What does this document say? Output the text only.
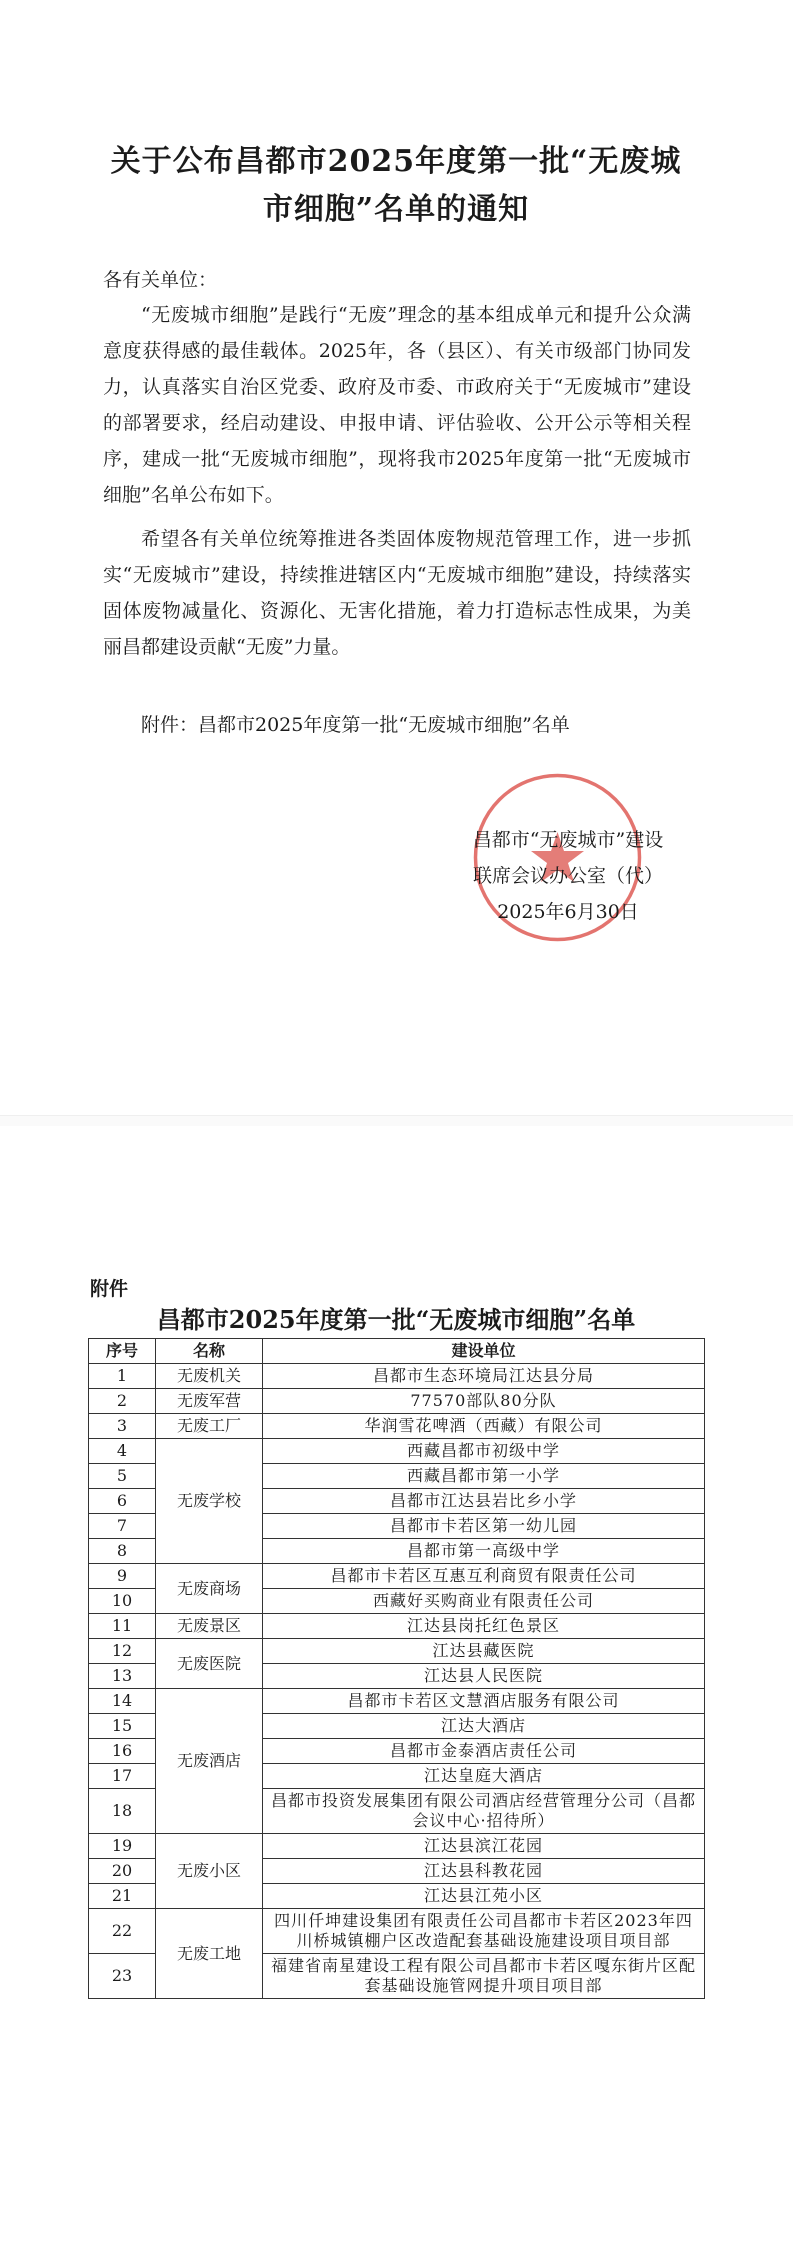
关于公布昌都市2025年度第一批“无废城市细胞”名单的通知
各有关单位：

“无废城市细胞”是践行“无废”理念的基本组成单元和提升公众满意度获得感的最佳载体。2025年，各（县区）、有关市级部门协同发力，认真落实自治区党委、政府及市委、市政府关于“无废城市”建设的部署要求，经启动建设、申报申请、评估验收、公开公示等相关程序，建成一批“无废城市细胞”，现将我市2025年度第一批“无废城市细胞”名单公布如下。

希望各有关单位统筹推进各类固体废物规范管理工作，进一步抓实“无废城市”建设，持续推进辖区内“无废城市细胞”建设，持续落实固体废物减量化、资源化、无害化措施，着力打造标志性成果，为美丽昌都建设贡献“无废”力量。

附件：昌都市2025年度第一批“无废城市细胞”名单
昌都市“无废城市”建设
联席会议办公室（代）
2025年6月30日
附件
昌都市2025年度第一批“无废城市细胞”名单
序号	名称	建设单位
1	无废机关	昌都市生态环境局江达县分局
2	无废军营	77570部队80分队
3	无废工厂	华润雪花啤酒（西藏）有限公司
4	无废学校	西藏昌都市初级中学
5		西藏昌都市第一小学
6		昌都市江达县岩比乡小学
7		昌都市卡若区第一幼儿园
8		昌都市第一高级中学
9	无废商场	昌都市卡若区互惠互利商贸有限责任公司
10		西藏好买购商业有限责任公司
11	无废景区	江达县岗托红色景区
12	无废医院	江达县藏医院
13		江达县人民医院
14	无废酒店	昌都市卡若区文慧酒店服务有限公司
15		江达大酒店
16		昌都市金泰酒店责任公司
17		江达皇庭大酒店
18		昌都市投资发展集团有限公司酒店经营管理分公司（昌都会议中心·招待所）
19	无废小区	江达县滨江花园
20		江达县科教花园
21		江达县江苑小区
22	无废工地	四川仟坤建设集团有限责任公司昌都市卡若区2023年四川桥城镇棚户区改造配套基础设施建设项目项目部
23		福建省南星建设工程有限公司昌都市卡若区嘎东街片区配套基础设施管网提升项目项目部
